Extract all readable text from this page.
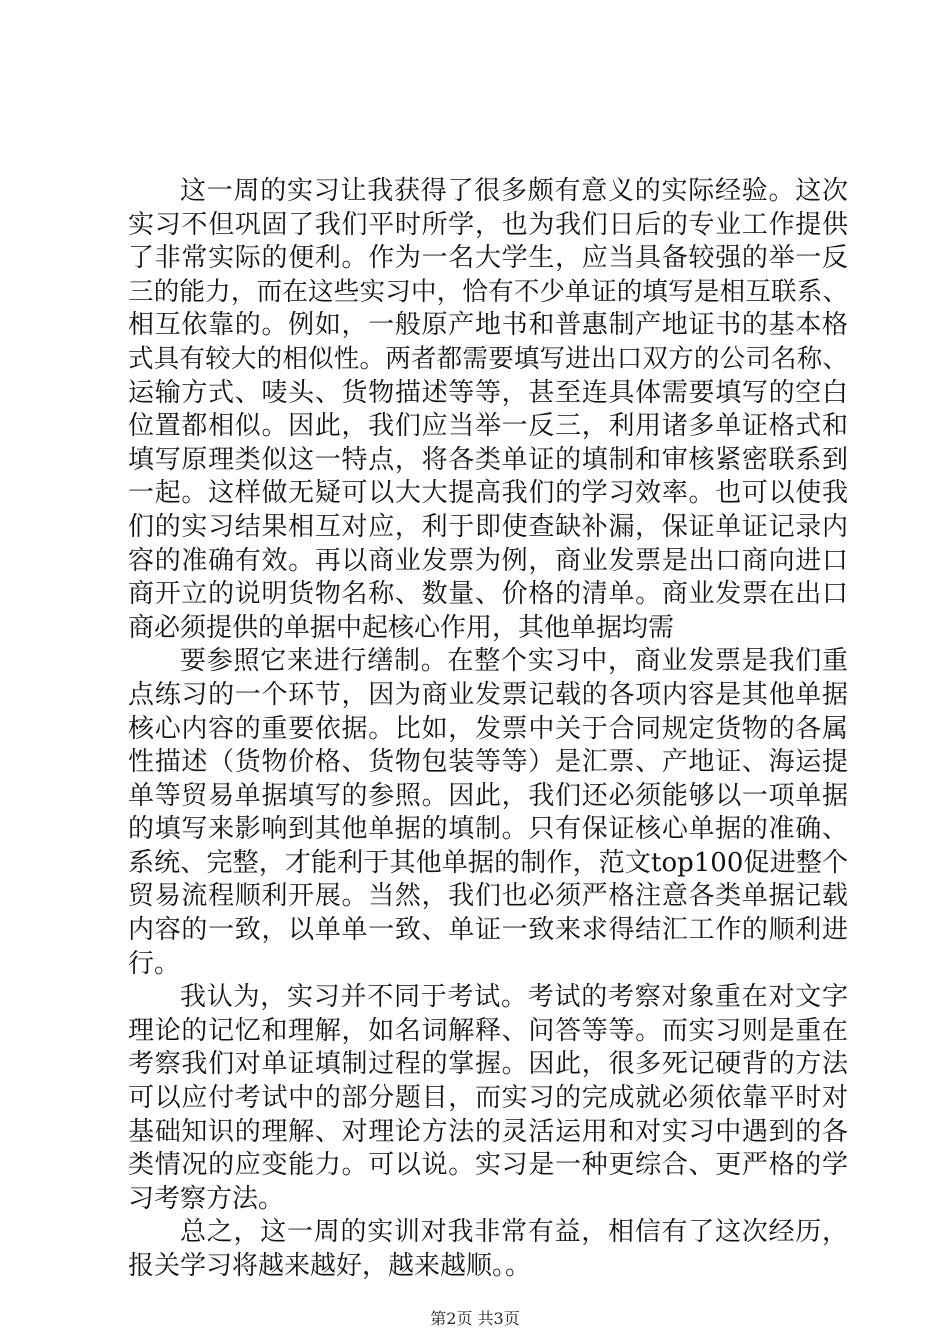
这一周的实习让我获得了很多颇有意义的实际经验。这次
实习不但巩固了我们平时所学，也为我们日后的专业工作提供
了非常实际的便利。作为一名大学生，应当具备较强的举一反
三的能力，而在这些实习中，恰有不少单证的填写是相互联系、
相互依靠的。例如，一般原产地书和普惠制产地证书的基本格
式具有较大的相似性。两者都需要填写进出口双方的公司名称、
运输方式、唛头、货物描述等等，甚至连具体需要填写的空白
位置都相似。因此，我们应当举一反三，利用诸多单证格式和
填写原理类似这一特点，将各类单证的填制和审核紧密联系到
一起。这样做无疑可以大大提高我们的学习效率。也可以使我
们的实习结果相互对应，利于即使查缺补漏，保证单证记录内
容的准确有效。再以商业发票为例，商业发票是出口商向进口
商开立的说明货物名称、数量、价格的清单。商业发票在出口
商必须提供的单据中起核心作用，其他单据均需
要参照它来进行缮制。在整个实习中，商业发票是我们重
点练习的一个环节，因为商业发票记载的各项内容是其他单据
核心内容的重要依据。比如，发票中关于合同规定货物的各属
性描述（货物价格、货物包装等等）是汇票、产地证、海运提
单等贸易单据填写的参照。因此，我们还必须能够以一项单据
的填写来影响到其他单据的填制。只有保证核心单据的准确、
系统、完整，才能利于其他单据的制作，范文top100促进整个
贸易流程顺利开展。当然，我们也必须严格注意各类单据记载
内容的一致，以单单一致、单证一致来求得结汇工作的顺利进
行。
我认为，实习并不同于考试。考试的考察对象重在对文字
理论的记忆和理解，如名词解释、问答等等。而实习则是重在
考察我们对单证填制过程的掌握。因此，很多死记硬背的方法
可以应付考试中的部分题目，而实习的完成就必须依靠平时对
基础知识的理解、对理论方法的灵活运用和对实习中遇到的各
类情况的应变能力。可以说。实习是一种更综合、更严格的学
习考察方法。
总之，这一周的实训对我非常有益，相信有了这次经历，
报关学习将越来越好，越来越顺。。
第2页 共3页
